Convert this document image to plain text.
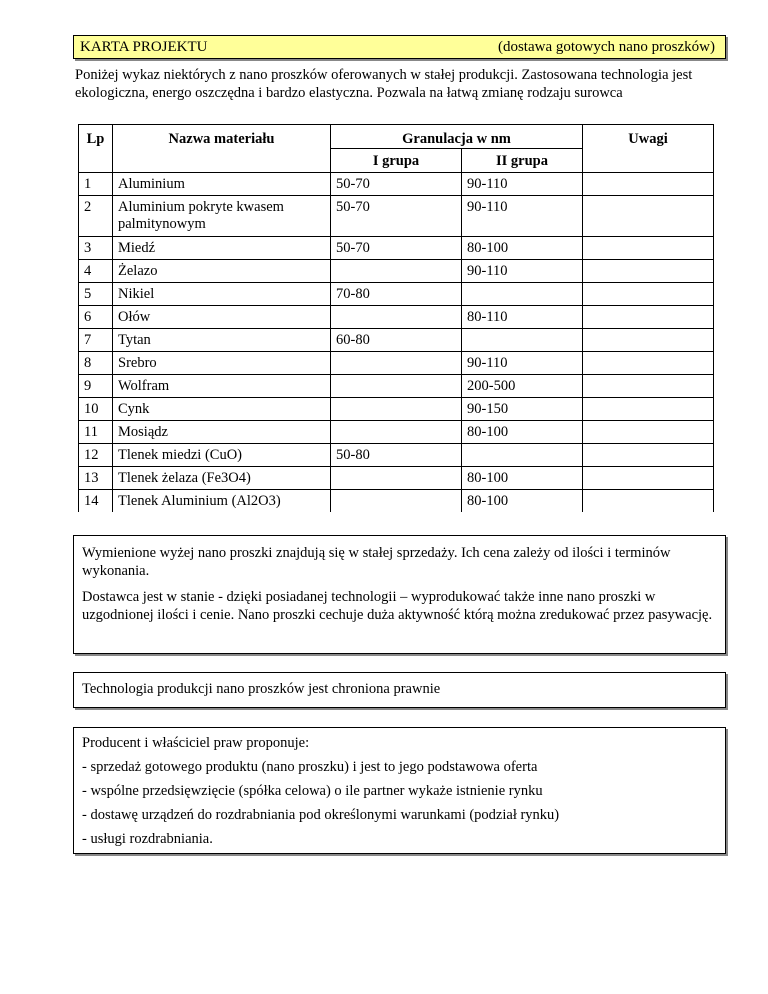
KARTA PROJEKTU	(dostawa gotowych nano proszków)
Poniżej wykaz niektórych z nano proszków oferowanych w stałej produkcji. Zastosowana technologia jest ekologiczna, energo oszczędna i bardzo elastyczna. Pozwala na łatwą zmianę rodzaju surowca
Lp	Nazwa materiału	Granulacja w nm		Uwagi
		I grupa	II grupa	
1	Aluminium	50-70	90-110	
2	Aluminium pokryte kwasem palmitynowym	50-70	90-110	
3	Miedź	50-70	80-100	
4	Żelazo		90-110	
5	Nikiel	70-80		
6	Ołów		80-110	
7	Tytan	60-80		
8	Srebro		90-110	
9	Wolfram		200-500	
10	Cynk		90-150	
11	Mosiądz		80-100	
12	Tlenek miedzi (CuO)	50-80		
13	Tlenek żelaza (Fe3O4)		80-100	
14	Tlenek Aluminium (Al2O3)		80-100	

Wymienione wyżej nano proszki znajdują się w stałej sprzedaży. Ich cena zależy od ilości i terminów wykonania.

Dostawca jest w stanie - dzięki posiadanej technologii – wyprodukować także inne nano proszki w uzgodnionej ilości i cenie. Nano proszki cechuje duża aktywność którą można zredukować przez pasywację.

Technologia produkcji nano proszków jest chroniona prawnie

Producent i właściciel praw proponuje:

- sprzedaż gotowego produktu (nano proszku) i jest to jego podstawowa oferta

- wspólne przedsięwzięcie (spółka celowa) o ile partner wykaże istnienie rynku

- dostawę urządzeń do rozdrabniania pod określonymi warunkami (podział rynku)

- usługi rozdrabniania.
